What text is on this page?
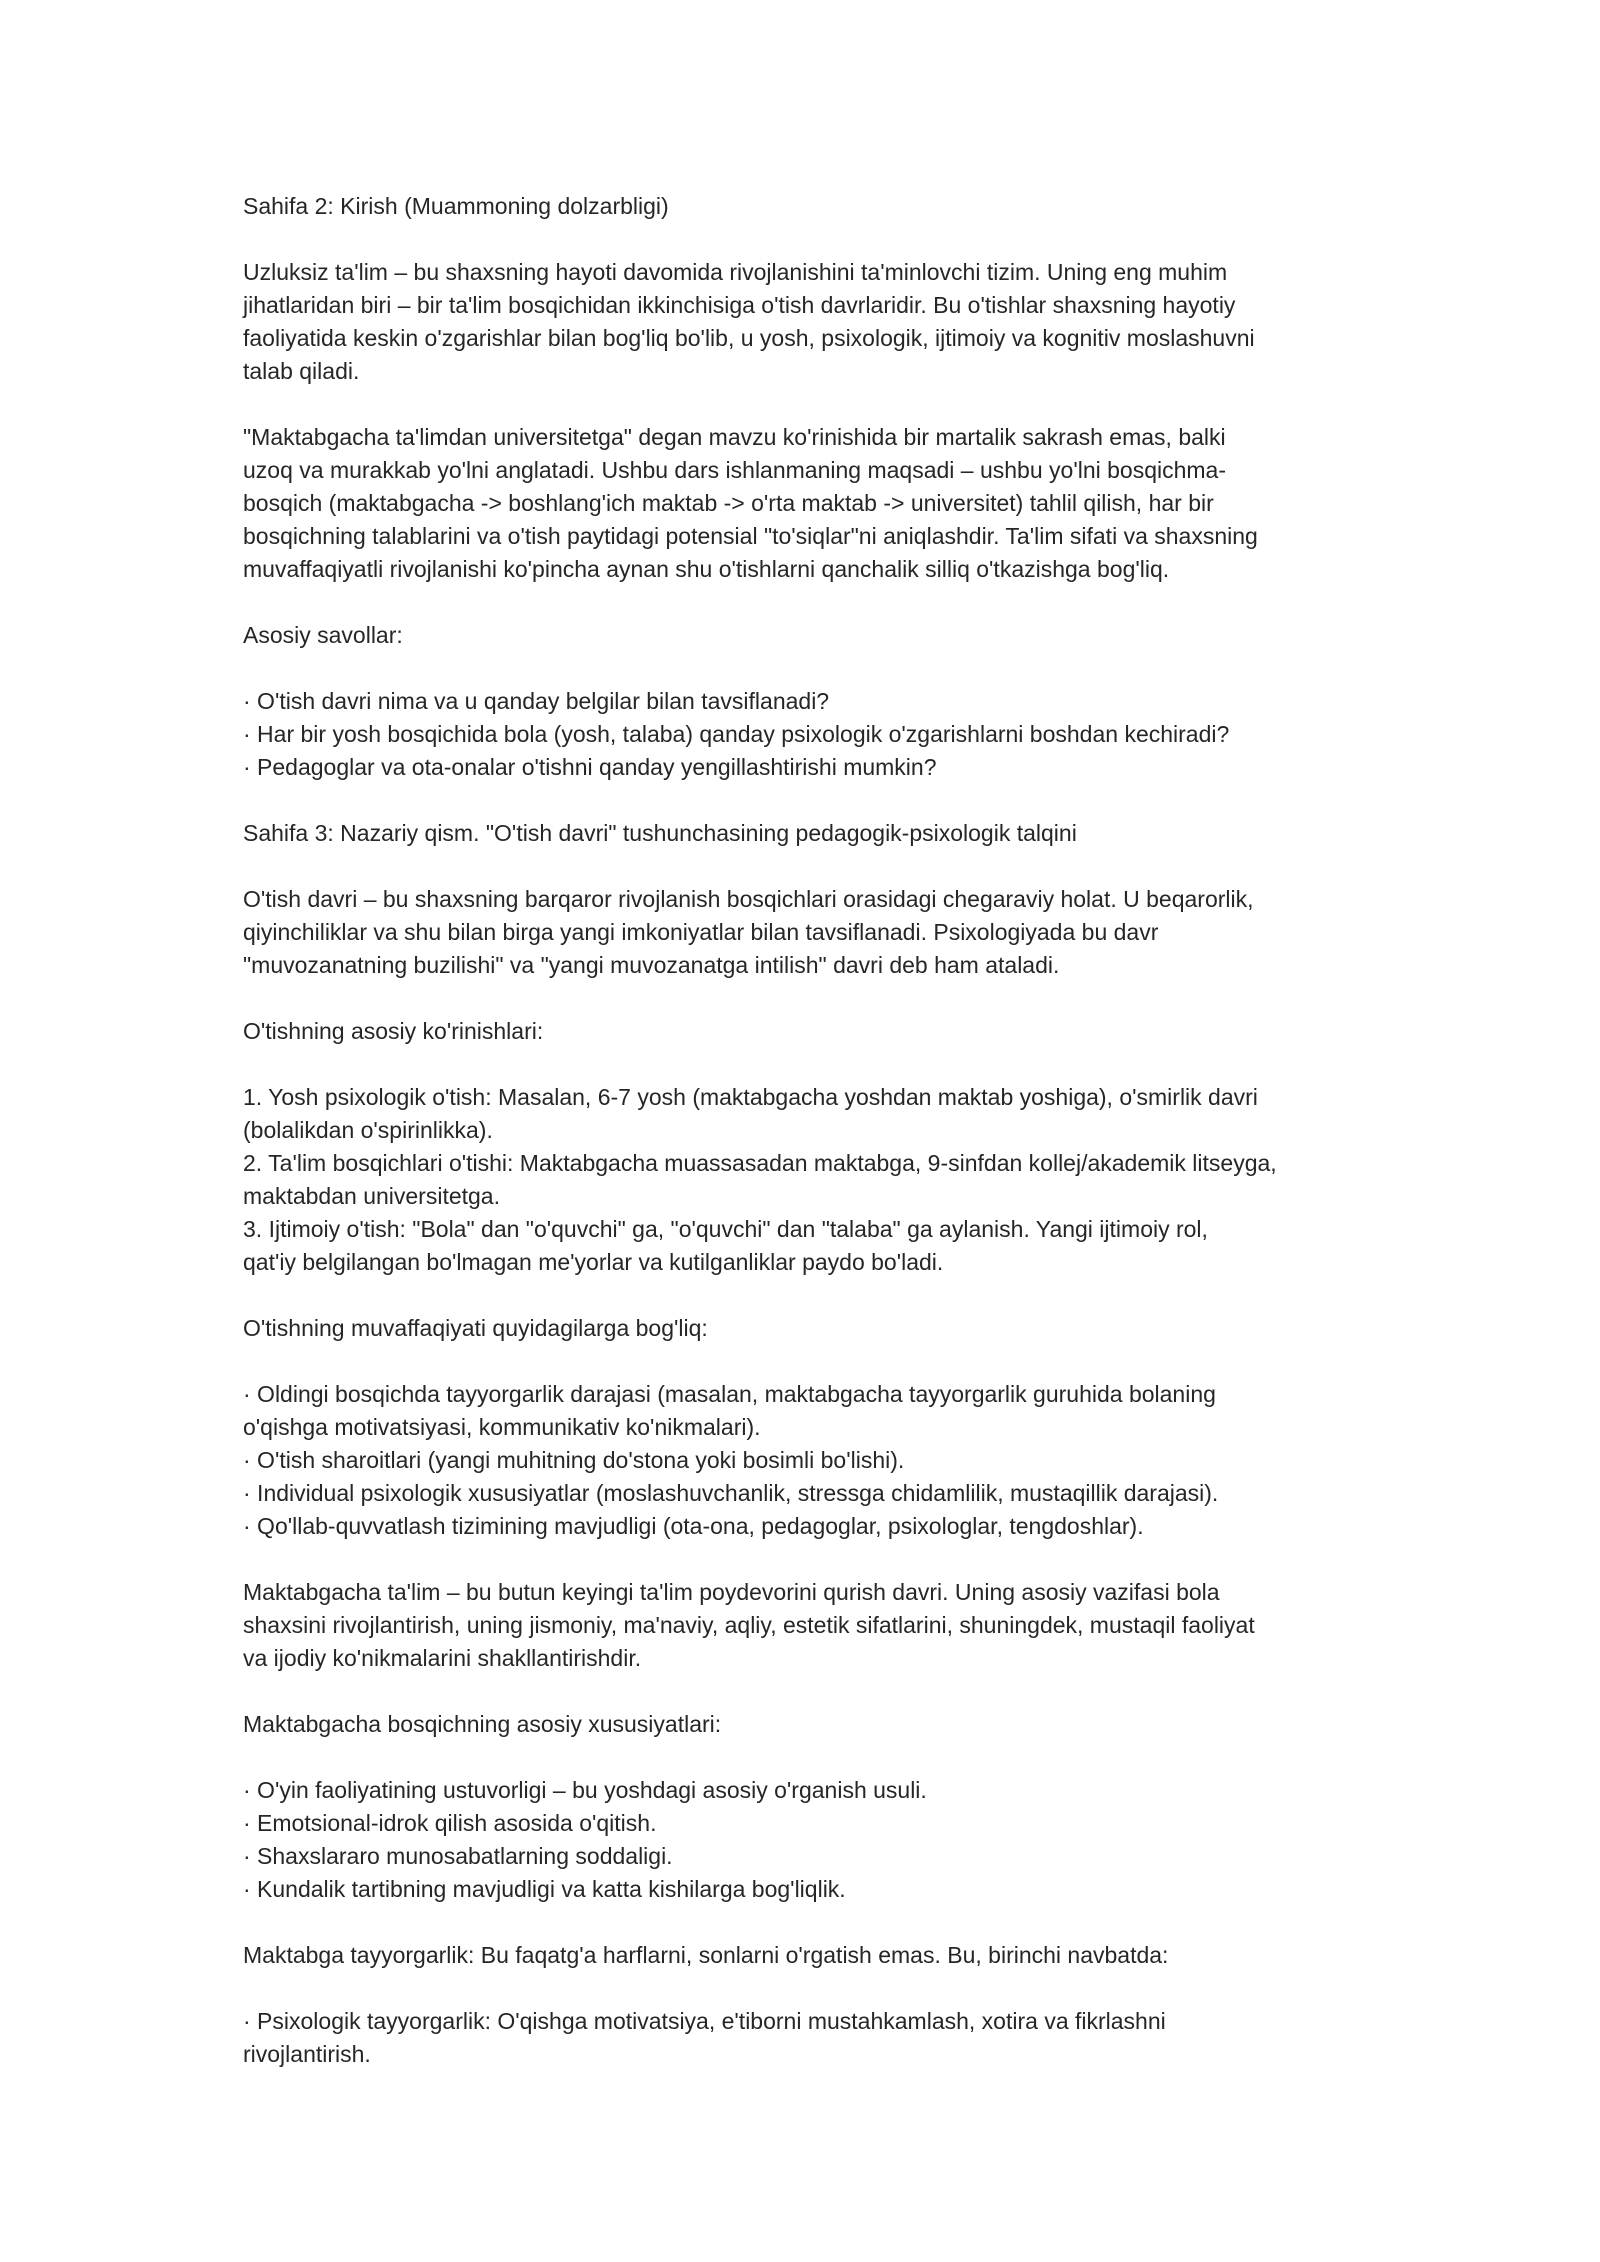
Sahifa 2: Kirish (Muammoning dolzarbligi)

Uzluksiz ta'lim – bu shaxsning hayoti davomida rivojlanishini ta'minlovchi tizim. Uning eng muhim
jihatlaridan biri – bir ta'lim bosqichidan ikkinchisiga o'tish davrlaridir. Bu o'tishlar shaxsning hayotiy
faoliyatida keskin o'zgarishlar bilan bog'liq bo'lib, u yosh, psixologik, ijtimoiy va kognitiv moslashuvni
talab qiladi.

"Maktabgacha ta'limdan universitetga" degan mavzu ko'rinishida bir martalik sakrash emas, balki
uzoq va murakkab yo'lni anglatadi. Ushbu dars ishlanmaning maqsadi – ushbu yo'lni bosqichma-
bosqich (maktabgacha -> boshlang'ich maktab -> o'rta maktab -> universitet) tahlil qilish, har bir
bosqichning talablarini va o'tish paytidagi potensial "to'siqlar"ni aniqlashdir. Ta'lim sifati va shaxsning
muvaffaqiyatli rivojlanishi ko'pincha aynan shu o'tishlarni qanchalik silliq o'tkazishga bog'liq.

Asosiy savollar:

· O'tish davri nima va u qanday belgilar bilan tavsiflanadi?
· Har bir yosh bosqichida bola (yosh, talaba) qanday psixologik o'zgarishlarni boshdan kechiradi?
· Pedagoglar va ota-onalar o'tishni qanday yengillashtirishi mumkin?

Sahifa 3: Nazariy qism. "O'tish davri" tushunchasining pedagogik-psixologik talqini

O'tish davri – bu shaxsning barqaror rivojlanish bosqichlari orasidagi chegaraviy holat. U beqarorlik,
qiyinchiliklar va shu bilan birga yangi imkoniyatlar bilan tavsiflanadi. Psixologiyada bu davr
"muvozanatning buzilishi" va "yangi muvozanatga intilish" davri deb ham ataladi.

O'tishning asosiy ko'rinishlari:

1. Yosh psixologik o'tish: Masalan, 6-7 yosh (maktabgacha yoshdan maktab yoshiga), o'smirlik davri
(bolalikdan o'spirinlikka).
2. Ta'lim bosqichlari o'tishi: Maktabgacha muassasadan maktabga, 9-sinfdan kollej/akademik litseyga,
maktabdan universitetga.
3. Ijtimoiy o'tish: "Bola" dan "o'quvchi" ga, "o'quvchi" dan "talaba" ga aylanish. Yangi ijtimoiy rol,
qat'iy belgilangan bo'lmagan me'yorlar va kutilganliklar paydo bo'ladi.

O'tishning muvaffaqiyati quyidagilarga bog'liq:

· Oldingi bosqichda tayyorgarlik darajasi (masalan, maktabgacha tayyorgarlik guruhida bolaning
o'qishga motivatsiyasi, kommunikativ ko'nikmalari).
· O'tish sharoitlari (yangi muhitning do'stona yoki bosimli bo'lishi).
· Individual psixologik xususiyatlar (moslashuvchanlik, stressga chidamlilik, mustaqillik darajasi).
· Qo'llab-quvvatlash tizimining mavjudligi (ota-ona, pedagoglar, psixologlar, tengdoshlar).

Maktabgacha ta'lim – bu butun keyingi ta'lim poydevorini qurish davri. Uning asosiy vazifasi bola
shaxsini rivojlantirish, uning jismoniy, ma'naviy, aqliy, estetik sifatlarini, shuningdek, mustaqil faoliyat
va ijodiy ko'nikmalarini shakllantirishdir.

Maktabgacha bosqichning asosiy xususiyatlari:

· O'yin faoliyatining ustuvorligi – bu yoshdagi asosiy o'rganish usuli.
· Emotsional-idrok qilish asosida o'qitish.
· Shaxslararo munosabatlarning soddaligi.
· Kundalik tartibning mavjudligi va katta kishilarga bog'liqlik.

Maktabga tayyorgarlik: Bu faqatg'a harflarni, sonlarni o'rgatish emas. Bu, birinchi navbatda:

· Psixologik tayyorgarlik: O'qishga motivatsiya, e'tiborni mustahkamlash, xotira va fikrlashni
rivojlantirish.
